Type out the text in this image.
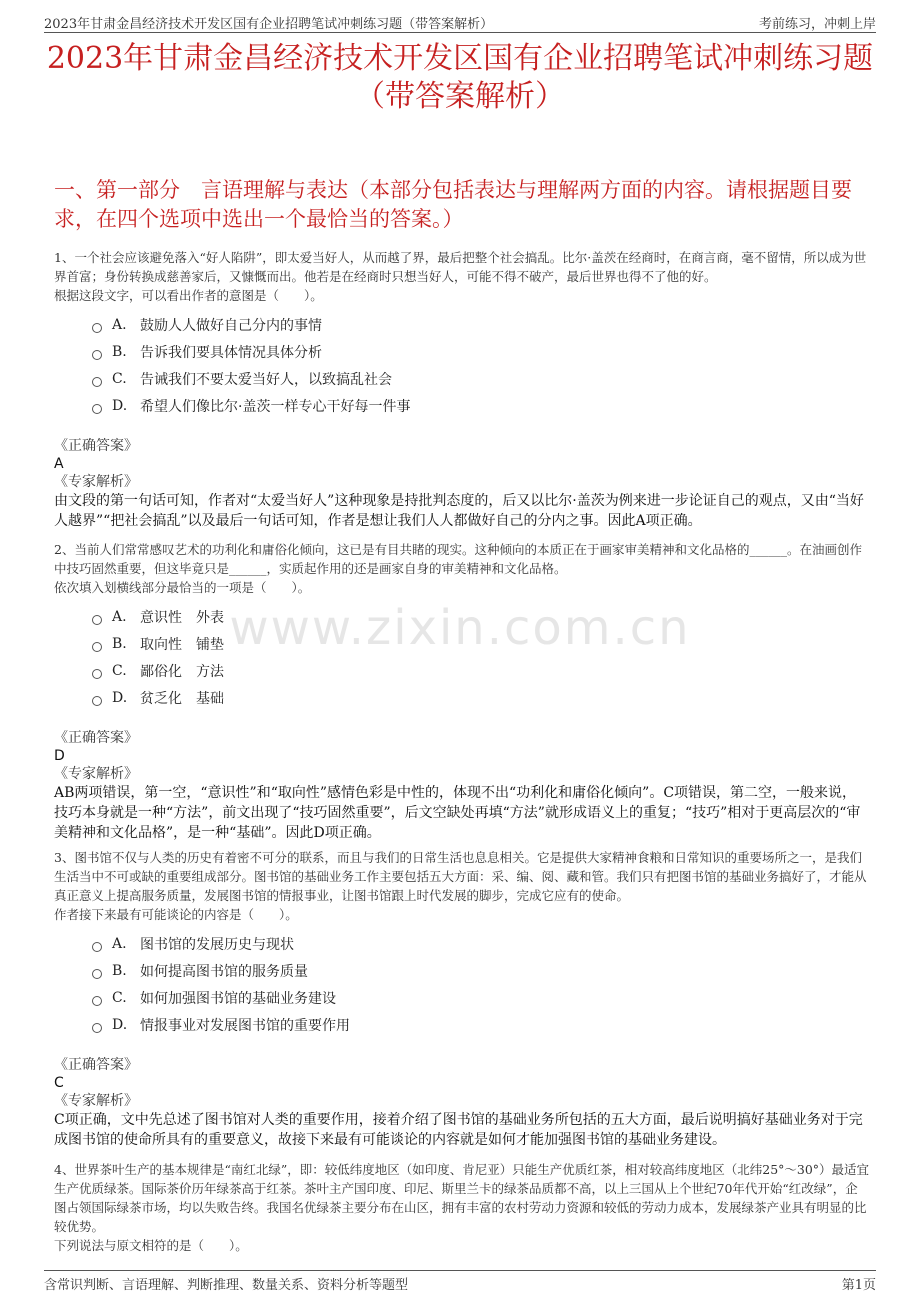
2023年甘肃金昌经济技术开发区国有企业招聘笔试冲刺练习题（带答案解析）	考前练习，冲刺上岸
2023年甘肃金昌经济技术开发区国有企业招聘笔试冲刺练习题（带答案解析）
一、第一部分　言语理解与表达（本部分包括表达与理解两方面的内容。请根据题目要求，在四个选项中选出一个最恰当的答案。）
www.zixin.com.cn
1、一个社会应该避免落入“好人陷阱”，即太爱当好人，从而越了界，最后把整个社会搞乱。比尔·盖茨在经商时，在商言商，毫不留情，所以成为世界首富；身份转换成慈善家后，又慷慨而出。他若是在经商时只想当好人，可能不得不破产，最后世界也得不了他的好。
根据这段文字，可以看出作者的意图是（　　）。
A. 鼓励人人做好自己分内的事情
B. 告诉我们要具体情况具体分析
C. 告诫我们不要太爱当好人，以致搞乱社会
D. 希望人们像比尔·盖茨一样专心干好每一件事
《正确答案》
A
《专家解析》
由文段的第一句话可知，作者对“太爱当好人”这种现象是持批判态度的，后又以比尔·盖茨为例来进一步论证自己的观点，又由“当好人越界”“把社会搞乱”以及最后一句话可知，作者是想让我们人人都做好自己的分内之事。因此A项正确。
2、当前人们常常感叹艺术的功利化和庸俗化倾向，这已是有目共睹的现实。这种倾向的本质正在于画家审美精神和文化品格的______。在油画创作中技巧固然重要，但这毕竟只是______，实质起作用的还是画家自身的审美精神和文化品格。
依次填入划横线部分最恰当的一项是（　　）。
A. 意识性　外表
B. 取向性　铺垫
C. 鄙俗化　方法
D. 贫乏化　基础
《正确答案》
D
《专家解析》
AB两项错误，第一空，“意识性”和“取向性”感情色彩是中性的，体现不出“功利化和庸俗化倾向”。C项错误，第二空，一般来说，技巧本身就是一种“方法”，前文出现了“技巧固然重要”，后文空缺处再填“方法”就形成语义上的重复；“技巧”相对于更高层次的“审美精神和文化品格”，是一种“基础”。因此D项正确。
3、图书馆不仅与人类的历史有着密不可分的联系，而且与我们的日常生活也息息相关。它是提供大家精神食粮和日常知识的重要场所之一，是我们生活当中不可或缺的重要组成部分。图书馆的基础业务工作主要包括五大方面：采、编、阅、藏和管。我们只有把图书馆的基础业务搞好了，才能从真正意义上提高服务质量，发展图书馆的情报事业，让图书馆跟上时代发展的脚步，完成它应有的使命。
作者接下来最有可能谈论的内容是（　　）。
A. 图书馆的发展历史与现状
B. 如何提高图书馆的服务质量
C. 如何加强图书馆的基础业务建设
D. 情报事业对发展图书馆的重要作用
《正确答案》
C
《专家解析》
C项正确，文中先总述了图书馆对人类的重要作用，接着介绍了图书馆的基础业务所包括的五大方面，最后说明搞好基础业务对于完成图书馆的使命所具有的重要意义，故接下来最有可能谈论的内容就是如何才能加强图书馆的基础业务建设。
4、世界茶叶生产的基本规律是“南红北绿”，即：较低纬度地区（如印度、肯尼亚）只能生产优质红茶，相对较高纬度地区（北纬25°～30°）最适宜生产优质绿茶。国际茶价历年绿茶高于红茶。茶叶主产国印度、印尼、斯里兰卡的绿茶品质都不高，以上三国从上个世纪70年代开始“红改绿”，企图占领国际绿茶市场，均以失败告终。我国名优绿茶主要分布在山区，拥有丰富的农村劳动力资源和较低的劳动力成本，发展绿茶产业具有明显的比较优势。
下列说法与原文相符的是（　　）。
含常识判断、言语理解、判断推理、数量关系、资料分析等题型	第1页
